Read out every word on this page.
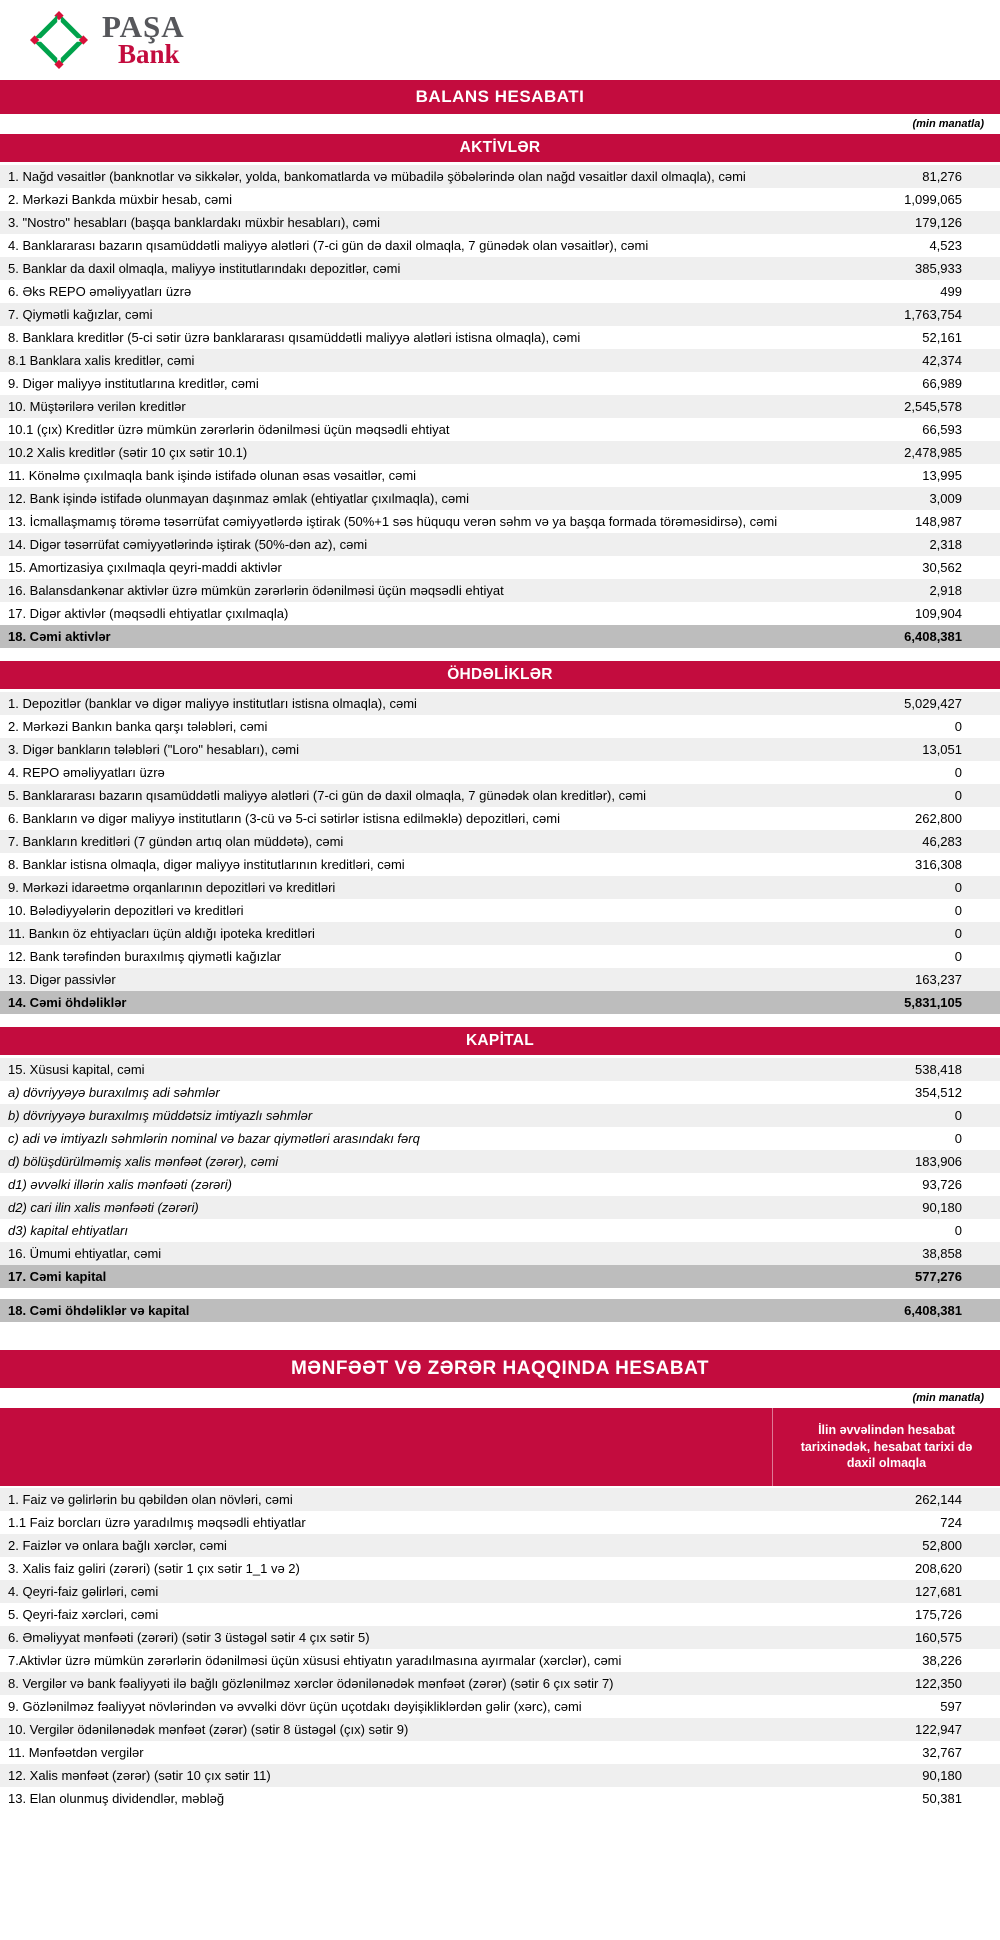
PAŞA
Bank
BALANS HESABATI
(min manatla)
AKTİVLƏR
1. Nağd vəsaitlər (banknotlar və sikkələr, yolda, bankomatlarda və mübadilə şöbələrində olan nağd vəsaitlər daxil olmaqla), cəmi	81,276
2. Mərkəzi Bankda müxbir hesab, cəmi	1,099,065
3. "Nostro" hesabları (başqa banklardakı müxbir hesabları), cəmi	179,126
4. Banklararası bazarın qısamüddətli maliyyə alətləri (7-ci gün də daxil olmaqla, 7 günədək olan vəsaitlər), cəmi	4,523
5. Banklar da daxil olmaqla, maliyyə institutlarındakı depozitlər, cəmi	385,933
6. Əks REPO əməliyyatları üzrə	499
7. Qiymətli kağızlar, cəmi	1,763,754
8. Banklara kreditlər (5-ci sətir üzrə banklararası qısamüddətli maliyyə alətləri istisna olmaqla), cəmi	52,161
8.1 Banklara xalis kreditlər, cəmi	42,374
9. Digər maliyyə institutlarına kreditlər, cəmi	66,989
10. Müştərilərə verilən kreditlər	2,545,578
10.1 (çıx) Kreditlər üzrə mümkün zərərlərin ödənilməsi üçün məqsədli ehtiyat	66,593
10.2 Xalis kreditlər (sətir 10 çıx sətir 10.1)	2,478,985
11. Könəlmə çıxılmaqla bank işində istifadə olunan əsas vəsaitlər, cəmi	13,995
12. Bank işində istifadə olunmayan daşınmaz əmlak (ehtiyatlar çıxılmaqla), cəmi	3,009
13. İcmallaşmamış törəmə təsərrüfat cəmiyyətlərdə iştirak (50%+1 səs hüququ verən səhm və ya başqa formada törəməsidirsə), cəmi	148,987
14. Digər təsərrüfat cəmiyyətlərində iştirak (50%-dən az), cəmi	2,318
15. Amortizasiya çıxılmaqla qeyri-maddi aktivlər	30,562
16. Balansdankənar aktivlər üzrə mümkün zərərlərin ödənilməsi üçün məqsədli ehtiyat	2,918
17. Digər aktivlər (məqsədli ehtiyatlar çıxılmaqla)	109,904
18. Cəmi aktivlər	6,408,381
ÖHDƏLİKLƏR
1. Depozitlər (banklar və digər maliyyə institutları istisna olmaqla), cəmi	5,029,427
2. Mərkəzi Bankın banka qarşı tələbləri, cəmi	0
3. Digər bankların tələbləri ("Loro" hesabları), cəmi	13,051
4. REPO əməliyyatları üzrə	0
5. Banklararası bazarın qısamüddətli maliyyə alətləri (7-ci gün də daxil olmaqla, 7 günədək olan kreditlər), cəmi	0
6. Bankların və digər maliyyə institutların (3-cü və 5-ci sətirlər istisna edilməklə) depozitləri, cəmi	262,800
7. Bankların kreditləri (7 gündən artıq olan müddətə), cəmi	46,283
8. Banklar istisna olmaqla, digər maliyyə institutlarının kreditləri, cəmi	316,308
9. Mərkəzi idarəetmə orqanlarının depozitləri və kreditləri	0
10. Bələdiyyələrin depozitləri və kreditləri	0
11. Bankın öz ehtiyacları üçün aldığı ipoteka kreditləri	0
12. Bank tərəfindən buraxılmış qiymətli kağızlar	0
13. Digər passivlər	163,237
14. Cəmi öhdəliklər	5,831,105
KAPİTAL
15. Xüsusi kapital, cəmi	538,418
a) dövriyyəyə buraxılmış adi səhmlər	354,512
b) dövriyyəyə buraxılmış müddətsiz imtiyazlı səhmlər	0
c) adi və imtiyazlı səhmlərin nominal və bazar qiymətləri arasındakı fərq	0
d) bölüşdürülməmiş xalis mənfəət (zərər), cəmi	183,906
d1) əvvəlki illərin xalis mənfəəti (zərəri)	93,726
d2) cari ilin xalis mənfəəti (zərəri)	90,180
d3) kapital ehtiyatları	0
16. Ümumi ehtiyatlar, cəmi	38,858
17. Cəmi kapital	577,276
18. Cəmi öhdəliklər və kapital	6,408,381
MƏNFƏƏT VƏ ZƏRƏR HAQQINDA HESABAT
(min manatla)
İlin əvvəlindən hesabat tarixinədək, hesabat tarixi də daxil olmaqla
1. Faiz və gəlirlərin bu qəbildən olan növləri, cəmi	262,144
1.1 Faiz borcları üzrə yaradılmış məqsədli ehtiyatlar	724
2. Faizlər və onlara bağlı xərclər, cəmi	52,800
3. Xalis faiz gəliri (zərəri) (sətir 1 çıx sətir 1_1 və 2)	208,620
4. Qeyri-faiz gəlirləri, cəmi	127,681
5. Qeyri-faiz xərcləri, cəmi	175,726
6. Əməliyyat mənfəəti (zərəri) (sətir 3 üstəgəl sətir 4 çıx sətir 5)	160,575
7.Aktivlər üzrə mümkün zərərlərin ödənilməsi üçün xüsusi ehtiyatın yaradılmasına ayırmalar (xərclər), cəmi	38,226
8. Vergilər və bank fəaliyyəti ilə bağlı gözlənilməz xərclər ödənilənədək mənfəət (zərər) (sətir 6 çıx sətir 7)	122,350
9. Gözlənilməz fəaliyyət növlərindən və əvvəlki dövr üçün uçotdakı dəyişikliklərdən gəlir (xərc), cəmi	597
10. Vergilər ödənilənədək mənfəət (zərər) (sətir 8 üstəgəl (çıx) sətir 9)	122,947
11. Mənfəətdən vergilər	32,767
12. Xalis mənfəət (zərər) (sətir 10 çıx sətir 11)	90,180
13. Elan olunmuş dividendlər, məbləğ	50,381
